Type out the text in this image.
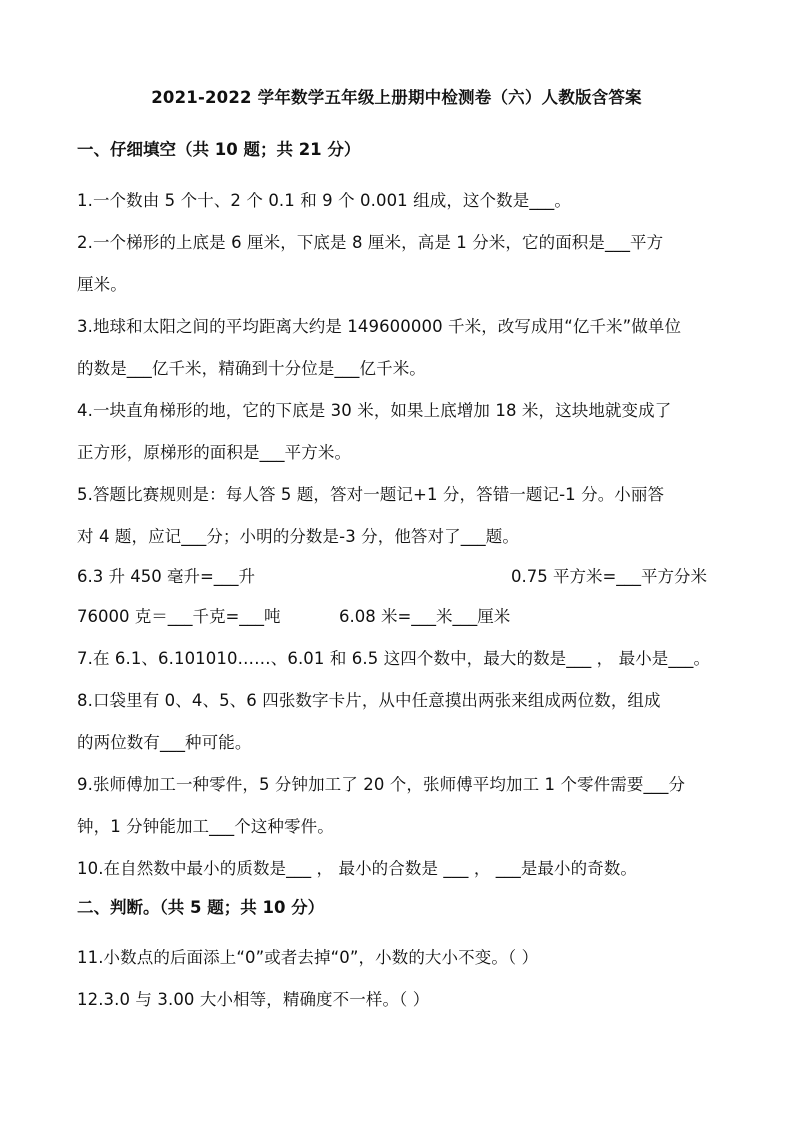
2021-2022 学年数学五年级上册期中检测卷（六）人教版含答案
一、仔细填空（共 10 题；共 21 分）
1.一个数由 5 个十、2 个 0.1 和 9 个 0.001 组成，这个数是___。
2.一个梯形的上底是 6 厘米，下底是 8 厘米，高是 1 分米，它的面积是___平方
厘米。
3.地球和太阳之间的平均距离大约是 149600000 千米，改写成用“亿千米”做单位
的数是___亿千米，精确到十分位是___亿千米。
4.一块直角梯形的地，它的下底是 30 米，如果上底增加 18 米，这块地就变成了
正方形，原梯形的面积是___平方米。
5.答题比赛规则是：每人答 5 题，答对一题记+1 分，答错一题记-1 分。小丽答
对 4 题，应记___分；小明的分数是-3 分，他答对了___题。
6.3 升 450 毫升=___升	0.75 平方米=___平方分米
76000 克＝___千克=___吨	6.08 米=___米___厘米
7.在 6.1、6.101010……、6.01 和 6.5 这四个数中，最大的数是___ ， 最小是___。
8.口袋里有 0、4、5、6 四张数字卡片，从中任意摸出两张来组成两位数，组成
的两位数有___种可能。
9.张师傅加工一种零件，5 分钟加工了 20 个，张师傅平均加工 1 个零件需要___分
钟，1 分钟能加工___个这种零件。
10.在自然数中最小的质数是___ ， 最小的合数是 ___ ， ___是最小的奇数。
二、判断。（共 5 题；共 10 分）
11.小数点的后面添上“0”或者去掉“0”，小数的大小不变。（ ）
12.3.0 与 3.00 大小相等，精确度不一样。（ ）
